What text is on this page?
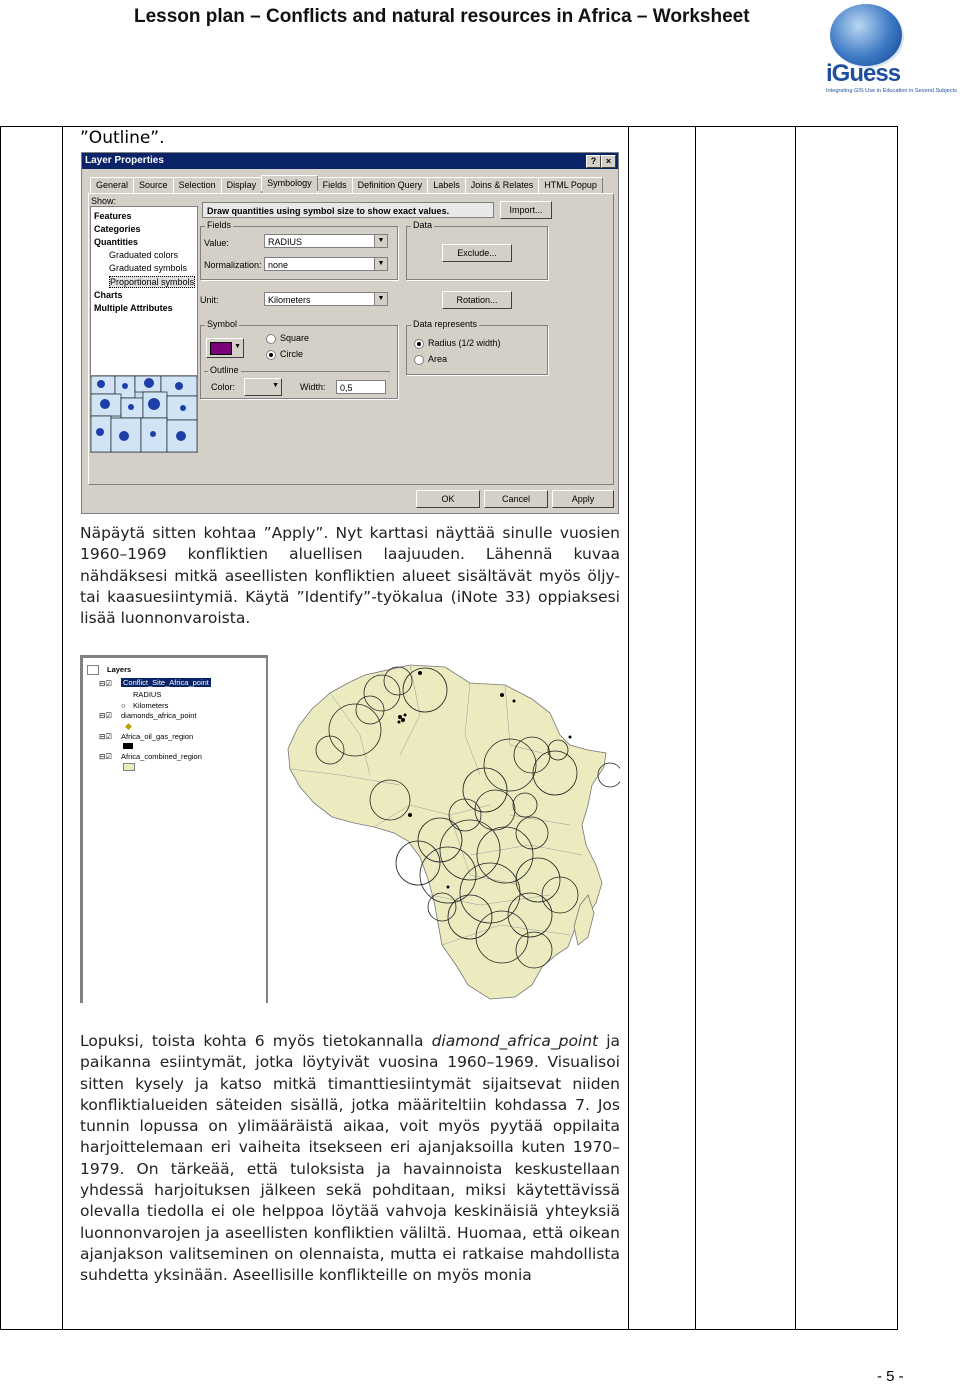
Lesson plan – Conflicts and natural resources in Africa – Worksheet
iGuess
Integrating GIS Use in Education in Several Subjects
”Outline”.
Layer Properties	?	×
General	Source	Selection	Display	Symbology	Fields	Definition Query	Labels	Joins & Relates	HTML Popup
Show:
Features
Categories
Quantities
Graduated colors
Graduated symbols
Proportional symbols
Charts
Multiple Attributes
Draw quantities using symbol size to show exact values.	Import...
Fields
Value:	RADIUS	▼
Normalization: none	▼
Data
Exclude...
Unit:	Kilometers	▼	Rotation...
Symbol
▼
Square
Circle
Outline
Color:	▼ Width:	0,5
Data represents
Radius (1/2 width)
Area
OK	Cancel	Apply
Näpäytä sitten kohtaa ”Apply”. Nyt karttasi näyttää sinulle vuosien 1960–1969 konfliktien aluellisen laajuuden. Lähennä kuvaa nähdäksesi mitkä aseellisten konfliktien alueet sisältävät myös öljy- tai kaasuesiintymiä. Käytä ”Identify”-työkalua (iNote 33) oppiaksesi lisää luonnonvaroista.
Layers
⊟☑ Conflict_Site_Africa_point
RADIUS
○ Kilometers
⊟☑ diamonds_africa_point
◆
⊟☑ Africa_oil_gas_region
⊟☑ Africa_combined_region
Lopuksi, toista kohta 6 myös tietokannalla diamond_africa_point ja paikanna esiintymät, jotka löytyivät vuosina 1960–1969. Visualisoi sitten kysely ja katso mitkä timanttiesiintymät sijaitsevat niiden konfliktialueiden säteiden sisällä, jotka määriteltiin kohdassa 7. Jos tunnin lopussa on ylimääräistä aikaa, voit myös pyytää oppilaita harjoittelemaan eri vaiheita itsekseen eri ajanjaksoilla kuten 1970–1979. On tärkeää, että tuloksista ja havainnoista keskustellaan yhdessä harjoituksen jälkeen sekä pohditaan, miksi käytettävissä olevalla tiedolla ei ole helppoa löytää vahvoja keskinäisiä yhteyksiä luonnonvarojen ja aseellisten konfliktien väliltä. Huomaa, että oikean ajanjakson valitseminen on olennaista, mutta ei ratkaise mahdollista suhdetta yksinään. Aseellisille konflikteille on myös monia
- 5 -
